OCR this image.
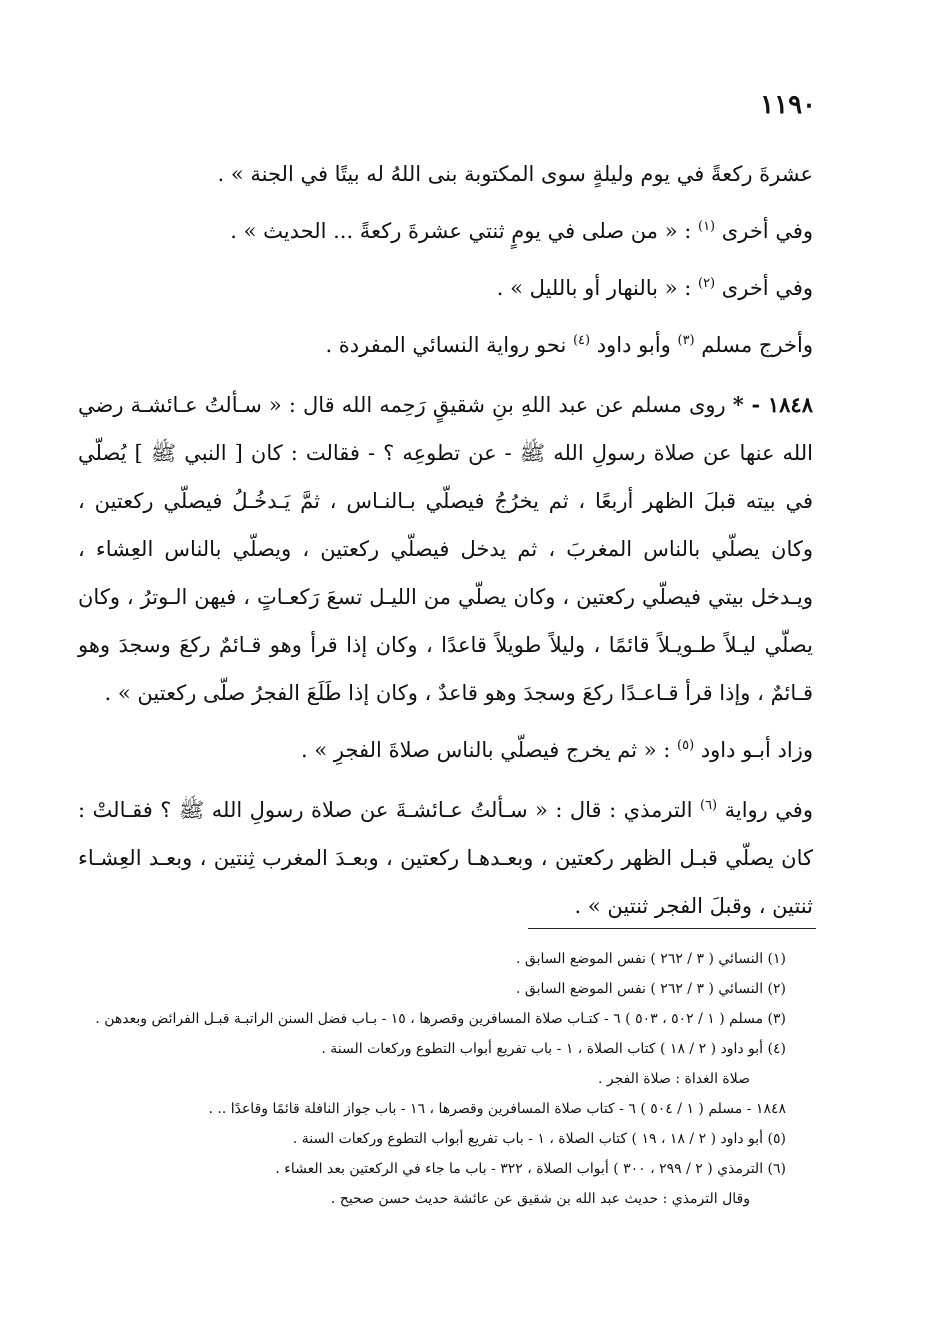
١١٩٠

عشرةَ ركعةً في يوم وليلةٍ سوى المكتوبة بنى اللهُ له بيتًا في الجنة » .

وفي أخرى $^{(١)}$ : « من صلى في يومٍ ثنتي عشرةَ ركعةً ... الحديث » .

وفي أخرى $^{(٢)}$ : « بالنهار أو بالليل » .

وأخرج مسلم $^{(٣)}$ وأبو داود $^{(٤)}$ نحو رواية النسائي المفردة .

١٨٤٨ - * روى مسلم عن عبد اللهِ بنِ شقيقٍ رَحِمه الله قال : « سـألتُ عـائشـة رضي الله عنها عن صلاة رسولِ الله ﷺ - عن تطوعِه ؟ - فقالت : كان [ النبي ﷺ ] يُصلّي في بيته قبلَ الظهر أربعًا ، ثم يخرُجُ فيصلّي بـالنـاس ، ثمَّ يَـدخُـلُ فيصلّي ركعتين ، وكان يصلّي بالناس المغربَ ، ثم يدخل فيصلّي ركعتين ، ويصلّي بالناس العِشاء ، ويـدخل بيتي فيصلّي ركعتين ، وكان يصلّي من الليـل تسعَ رَكعـاتٍ ، فيهن الـوترُ ، وكان يصلّي ليـلاً طـويـلاً قائمًا ، وليلاً طويلاً قاعدًا ، وكان إذا قرأ وهو قـائمٌ ركعَ وسجدَ وهو قـائمٌ ، وإذا قرأ قـاعـدًا ركعَ وسجدَ وهو قاعدٌ ، وكان إذا طَلَعَ الفجرُ صلّى ركعتين » .

وزاد أبـو داود $^{(٥)}$ : « ثم يخرج فيصلّي بالناس صلاةَ الفجرِ » .

وفي رواية $^{(٦)}$ الترمذي : قال : « سـألتُ عـائشـةَ عن صلاة رسولِ الله ﷺ ؟ فقـالتْ : كان يصلّي قبـل الظهر ركعتين ، وبعـدهـا ركعتين ، وبعـدَ المغرب ثِنتين ، وبعـد العِشـاء ثنتين ، وقبلَ الفجر ثنتين » .

(١) النسائي ( ٣ / ٢٦٢ ) نفس الموضع السابق .

(٢) النسائي ( ٣ / ٢٦٢ ) نفس الموضع السابق .

(٣) مسلم ( ١ / ٥٠٢ ، ٥٠٣ ) ٦ - كتـاب صلاة المسافرين وقصرها ، ١٥ - بـاب فضل السنن الراتبـة قبـل الفرائض وبعدهن .

(٤) أبو داود ( ٢ / ١٨ ) كتاب الصلاة ، ١ - باب تفريع أبواب التطوع وركعات السنة .

صلاة الغداة : صلاة الفجر .

١٨٤٨ - مسلم ( ١ / ٥٠٤ ) ٦ - كتاب صلاة المسافرين وقصرها ، ١٦ - باب جواز النافلة قائمًا وقاعدًا .. .

(٥) أبو داود ( ٢ / ١٨ ، ١٩ ) كتاب الصلاة ، ١ - باب تفريع أبواب التطوع وركعات السنة .

(٦) الترمذي ( ٢ / ٢٩٩ ، ٣٠٠ ) أبواب الصلاة ، ٣٢٢ - باب ما جاء في الركعتين بعد العشاء .

وقال الترمذي : حديث عبد الله بن شقيق عن عائشة حديث حسن صحيح .
